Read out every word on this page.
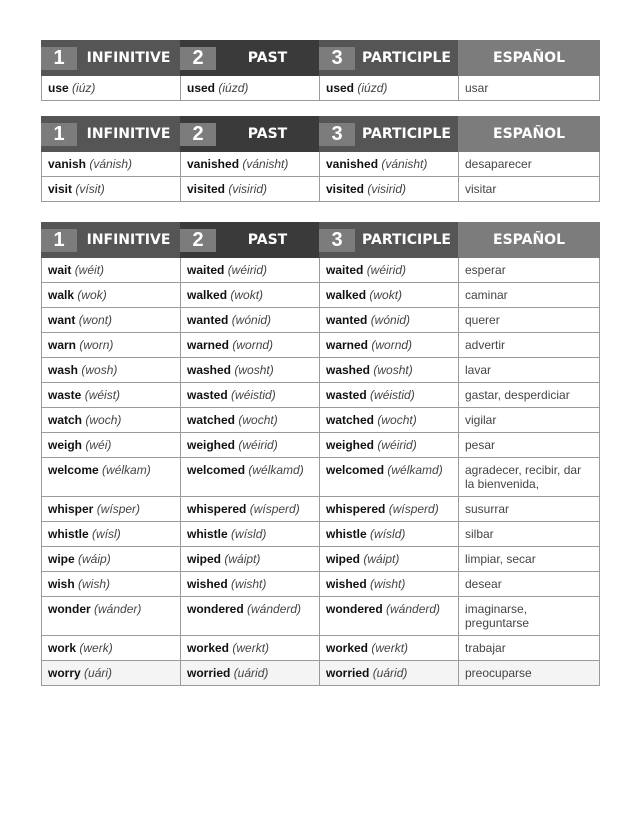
1	INFINITIVE	2	PAST	3	PARTICIPLE	ESPAÑOL
use (iúz)	used (iúzd)	used (iúzd)	usar
1	INFINITIVE	2	PAST	3	PARTICIPLE	ESPAÑOL
vanish (vánish)	vanished (vánisht)	vanished (vánisht)	desaparecer
visit (vísit)	visited (visirid)	visited (visirid)	visitar
1	INFINITIVE	2	PAST	3	PARTICIPLE	ESPAÑOL
wait (wéit)	waited (wéirid)	waited (wéirid)	esperar
walk (wok)	walked (wokt)	walked (wokt)	caminar
want (wont)	wanted (wónid)	wanted (wónid)	querer
warn (worn)	warned (wornd)	warned (wornd)	advertir
wash (wosh)	washed (wosht)	washed (wosht)	lavar
waste (wéist)	wasted (wéistid)	wasted (wéistid)	gastar, desperdiciar
watch (woch)	watched (wocht)	watched (wocht)	vigilar
weigh (wéi)	weighed (wéirid)	weighed (wéirid)	pesar
welcome (wélkam)	welcomed (wélkamd)	welcomed (wélkamd)	agradecer, recibir, dar la bienvenida,
whisper (wísper)	whispered (wísperd)	whispered (wísperd)	susurrar
whistle (wísl)	whistle (wísld)	whistle (wísld)	silbar
wipe (wáip)	wiped (wáipt)	wiped (wáipt)	limpiar, secar
wish (wish)	wished (wisht)	wished (wisht)	desear
wonder (wánder)	wondered (wánderd)	wondered (wánderd)	imaginarse, preguntarse
work (werk)	worked (werkt)	worked (werkt)	trabajar
worry (uári)	worried (uárid)	worried (uárid)	preocuparse
